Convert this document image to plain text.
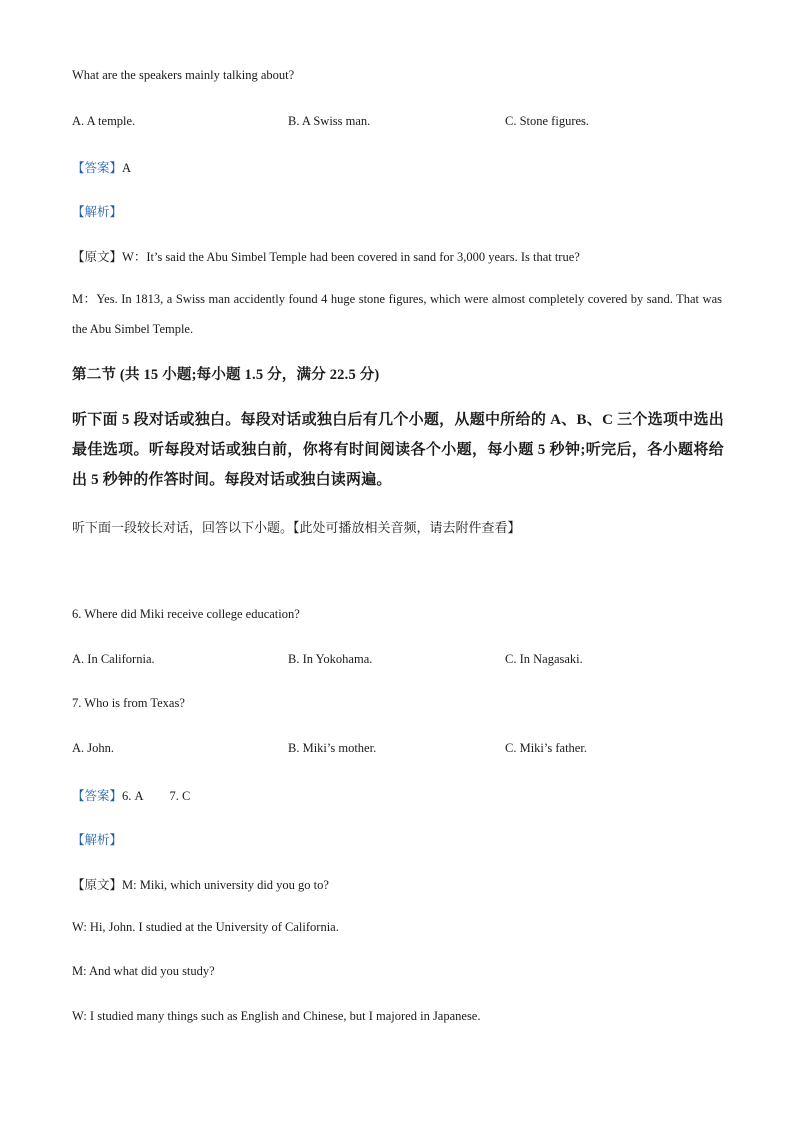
What are the speakers mainly talking about?
A. A temple.	B. A Swiss man.	C. Stone figures.
【答案】A
【解析】
【原文】W：It’s said the Abu Simbel Temple had been covered in sand for 3,000 years. Is that true?
M：Yes. In 1813, a Swiss man accidently found 4 huge stone figures, which were almost completely covered by sand. That was the Abu Simbel Temple.
第二节 (共 15 小题;每小题 1.5 分，满分 22.5 分)
听下面 5 段对话或独白。每段对话或独白后有几个小题，从题中所给的 A、B、C 三个选项中选出最佳选项。听每段对话或独白前，你将有时间阅读各个小题，每小题 5 秒钟;听完后，各小题将给出 5 秒钟的作答时间。每段对话或独白读两遍。
听下面一段较长对话，回答以下小题。【此处可播放相关音频，请去附件查看】
6. Where did Miki receive college education?
A. In California.	B. In Yokohama.	C. In Nagasaki.
7. Who is from Texas?
A. John.	B. Miki’s mother.	C. Miki’s father.
【答案】6. A 7. C
【解析】
【原文】M: Miki, which university did you go to?
W: Hi, John. I studied at the University of California.
M: And what did you study?
W: I studied many things such as English and Chinese, but I majored in Japanese.
